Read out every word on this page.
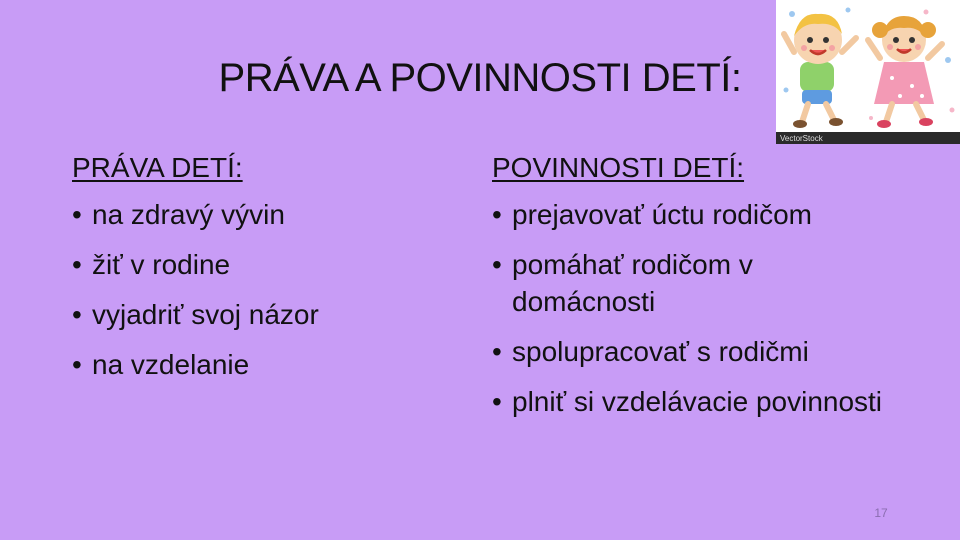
PRÁVA A POVINNOSTI DETÍ:
VectorStock
PRÁVA DETÍ:
• na zdravý vývin
• žiť v rodine
• vyjadriť svoj názor
• na vzdelanie
POVINNOSTI DETÍ:
• prejavovať úctu rodičom
• pomáhať rodičom v domácnosti
• spolupracovať s rodičmi
• plniť si vzdelávacie povinnosti
17
